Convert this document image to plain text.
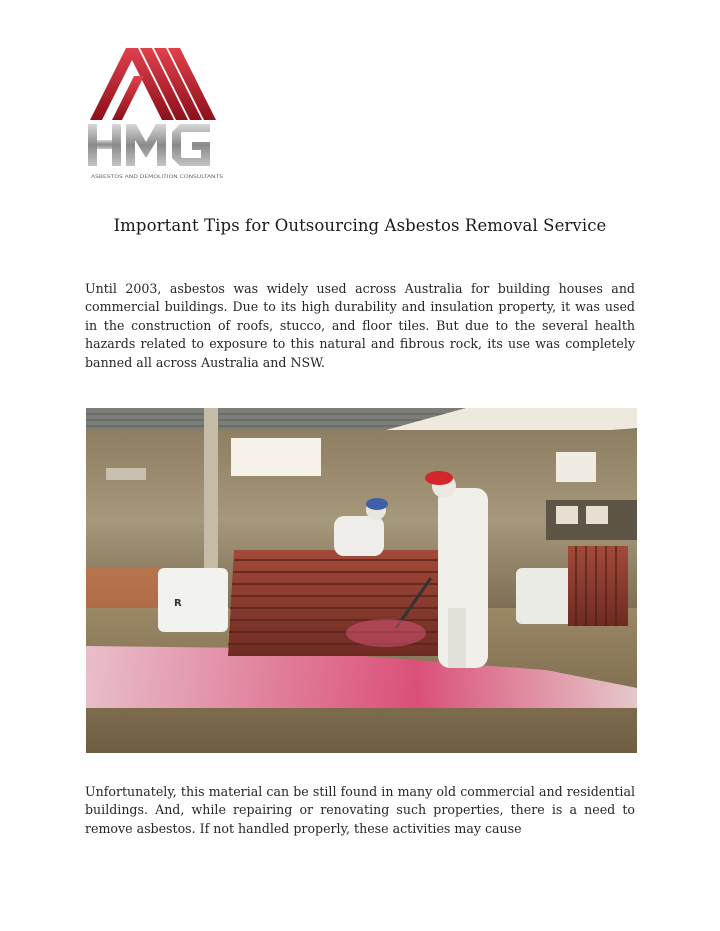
ASBESTOS AND DEMOLITION CONSULTANTS
Important Tips for Outsourcing Asbestos Removal Service

Until 2003, asbestos was widely used across Australia for building houses and commercial buildings. Due to its high durability and insulation property, it was used in the construction of roofs, stucco, and floor tiles. But due to the several health hazards related to exposure to this natural and fibrous rock, its use was completely banned all across Australia and NSW.

R

Unfortunately, this material can be still found in many old commercial and residential buildings. And, while repairing or renovating such properties, there is a need to remove asbestos. If not handled properly, these activities may cause
